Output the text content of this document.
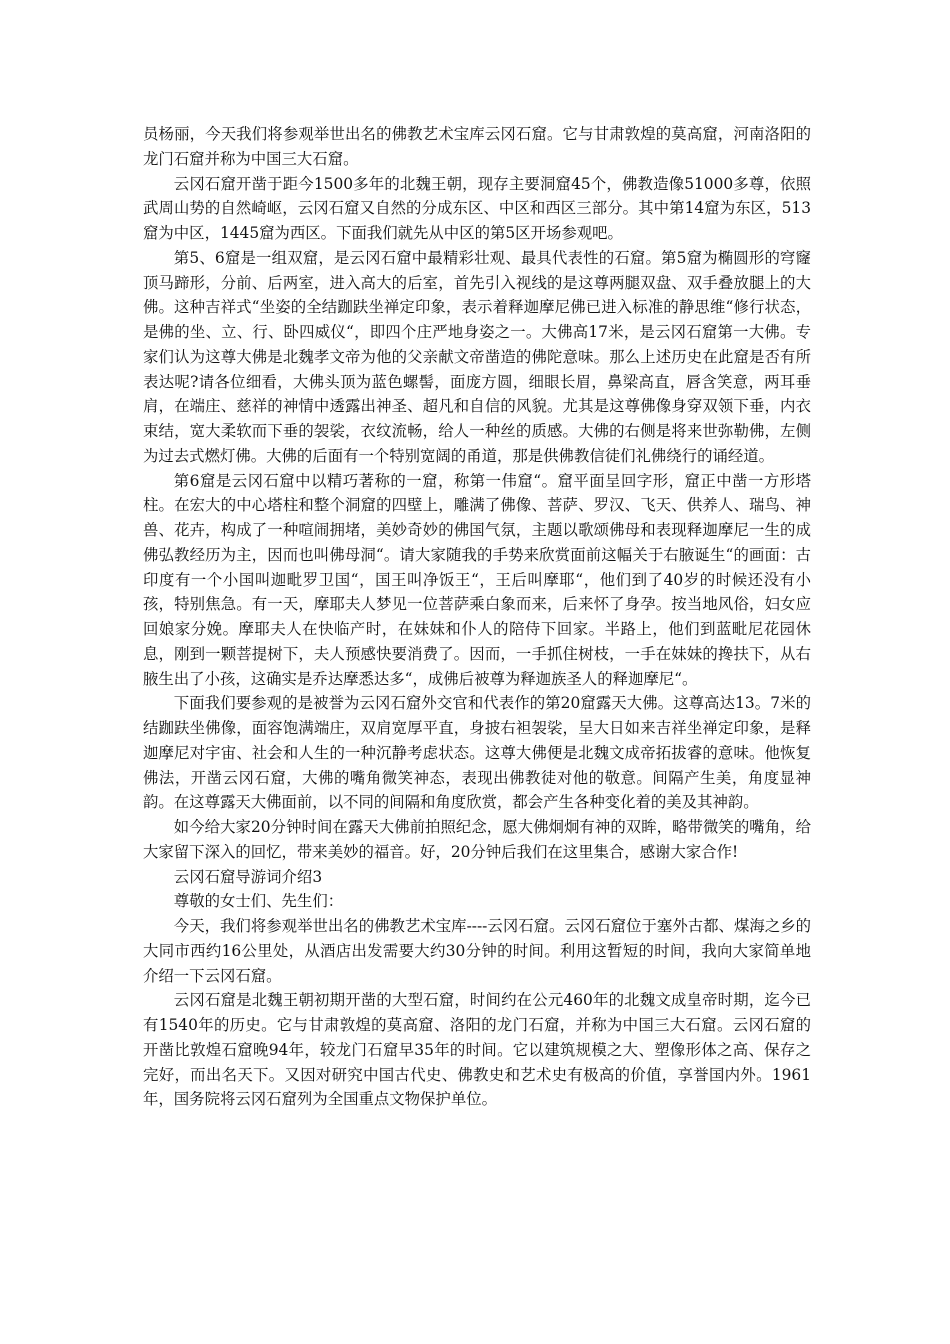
员杨丽，今天我们将参观举世出名的佛教艺术宝库云冈石窟。它与甘肃敦煌的莫高窟，河南洛阳的龙门石窟并称为中国三大石窟。

云冈石窟开凿于距今1500多年的北魏王朝，现存主要洞窟45个，佛教造像51000多尊，依照武周山势的自然崎岖，云冈石窟又自然的分成东区、中区和西区三部分。其中第14窟为东区，513窟为中区，1445窟为西区。下面我们就先从中区的第5区开场参观吧。

第5、6窟是一组双窟，是云冈石窟中最精彩壮观、最具代表性的石窟。第5窟为椭圆形的穹窿顶马蹄形，分前、后两室，进入高大的后室，首先引入视线的是这尊两腿双盘、双手叠放腿上的大佛。这种吉祥式“坐姿的全结跏趺坐禅定印象，表示着释迦摩尼佛已进入标准的静思维“修行状态，是佛的坐、立、行、卧四威仪“，即四个庄严地身姿之一。大佛高17米，是云冈石窟第一大佛。专家们认为这尊大佛是北魏孝文帝为他的父亲献文帝凿造的佛陀意味。那么上述历史在此窟是否有所表达呢?请各位细看，大佛头顶为蓝色螺髻，面庞方圆，细眼长眉，鼻梁高直，唇含笑意，两耳垂肩，在端庄、慈祥的神情中透露出神圣、超凡和自信的风貌。尤其是这尊佛像身穿双领下垂，内衣束结，宽大柔软而下垂的袈裟，衣纹流畅，给人一种丝的质感。大佛的右侧是将来世弥勒佛，左侧为过去式燃灯佛。大佛的后面有一个特别宽阔的甬道，那是供佛教信徒们礼佛绕行的诵经道。

第6窟是云冈石窟中以精巧著称的一窟，称第一伟窟“。窟平面呈回字形，窟正中凿一方形塔柱。在宏大的中心塔柱和整个洞窟的四壁上，雕满了佛像、菩萨、罗汉、飞天、供养人、瑞鸟、神兽、花卉，构成了一种喧闹拥堵，美妙奇妙的佛国气氛，主题以歌颂佛母和表现释迦摩尼一生的成佛弘教经历为主，因而也叫佛母洞“。请大家随我的手势来欣赏面前这幅关于右腋诞生“的画面：古印度有一个小国叫迦毗罗卫国“，国王叫净饭王“，王后叫摩耶“，他们到了40岁的时候还没有小孩，特别焦急。有一天，摩耶夫人梦见一位菩萨乘白象而来，后来怀了身孕。按当地风俗，妇女应回娘家分娩。摩耶夫人在快临产时，在妹妹和仆人的陪侍下回家。半路上，他们到蓝毗尼花园休息，刚到一颗菩提树下，夫人预感快要消费了。因而，一手抓住树枝，一手在妹妹的搀扶下，从右腋生出了小孩，这确实是乔达摩悉达多“，成佛后被尊为释迦族圣人的释迦摩尼“。

下面我们要参观的是被誉为云冈石窟外交官和代表作的第20窟露天大佛。这尊高达13。7米的结跏趺坐佛像，面容饱满端庄，双肩宽厚平直，身披右袒袈裟，呈大日如来吉祥坐禅定印象，是释迦摩尼对宇宙、社会和人生的一种沉静考虑状态。这尊大佛便是北魏文成帝拓拔睿的意味。他恢复佛法，开凿云冈石窟，大佛的嘴角微笑神态，表现出佛教徒对他的敬意。间隔产生美，角度显神韵。在这尊露天大佛面前，以不同的间隔和角度欣赏，都会产生各种变化着的美及其神韵。

如今给大家20分钟时间在露天大佛前拍照纪念，愿大佛炯炯有神的双眸，略带微笑的嘴角，给大家留下深入的回忆，带来美妙的福音。好，20分钟后我们在这里集合，感谢大家合作!

云冈石窟导游词介绍3

尊敬的女士们、先生们：

今天，我们将参观举世出名的佛教艺术宝库----云冈石窟。云冈石窟位于塞外古都、煤海之乡的大同市西约16公里处，从酒店出发需要大约30分钟的时间。利用这暂短的时间，我向大家简单地介绍一下云冈石窟。

云冈石窟是北魏王朝初期开凿的大型石窟，时间约在公元460年的北魏文成皇帝时期，迄今已有1540年的历史。它与甘肃敦煌的莫高窟、洛阳的龙门石窟，并称为中国三大石窟。云冈石窟的开凿比敦煌石窟晚94年，较龙门石窟早35年的时间。它以建筑规模之大、塑像形体之高、保存之完好，而出名天下。又因对研究中国古代史、佛教史和艺术史有极高的价值，享誉国内外。1961年，国务院将云冈石窟列为全国重点文物保护单位。
